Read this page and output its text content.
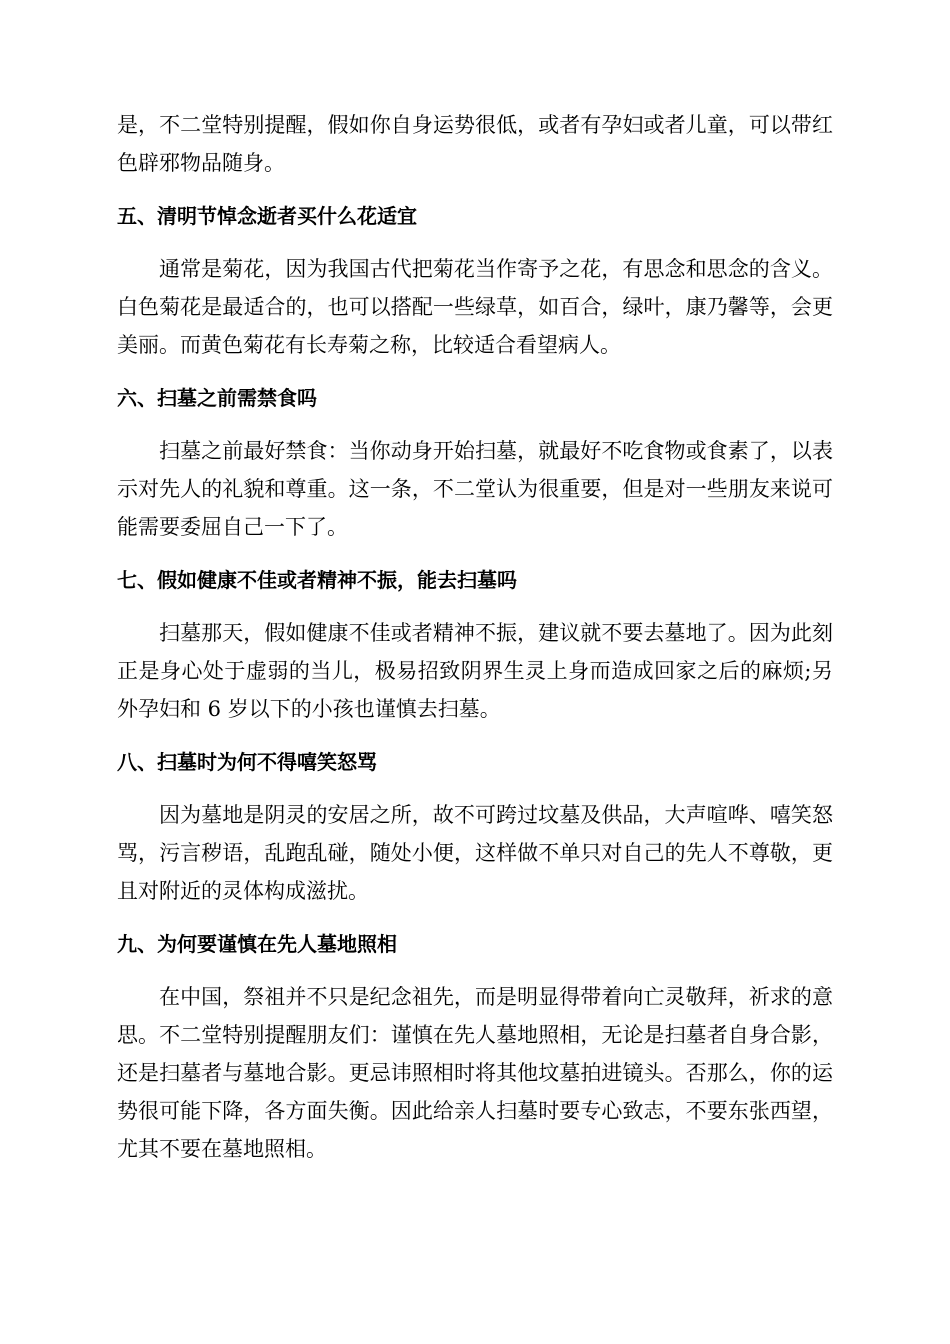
是，不二堂特别提醒，假如你自身运势很低，或者有孕妇或者儿童，可以带红色辟邪物品随身。

五、清明节悼念逝者买什么花适宜

通常是菊花，因为我国古代把菊花当作寄予之花，有思念和思念的含义。白色菊花是最适合的，也可以搭配一些绿草，如百合，绿叶，康乃馨等，会更美丽。而黄色菊花有长寿菊之称，比较适合看望病人。

六、扫墓之前需禁食吗

扫墓之前最好禁食：当你动身开始扫墓，就最好不吃食物或食素了，以表示对先人的礼貌和尊重。这一条，不二堂认为很重要，但是对一些朋友来说可能需要委屈自己一下了。

七、假如健康不佳或者精神不振，能去扫墓吗

扫墓那天，假如健康不佳或者精神不振，建议就不要去墓地了。因为此刻正是身心处于虚弱的当儿，极易招致阴界生灵上身而造成回家之后的麻烦;另外孕妇和 6 岁以下的小孩也谨慎去扫墓。

八、扫墓时为何不得嘻笑怒骂

因为墓地是阴灵的安居之所，故不可跨过坟墓及供品，大声喧哗、嘻笑怒骂，污言秽语，乱跑乱碰，随处小便，这样做不单只对自己的先人不尊敬，更且对附近的灵体构成滋扰。

九、为何要谨慎在先人墓地照相

在中国，祭祖并不只是纪念祖先，而是明显得带着向亡灵敬拜，祈求的意思。不二堂特别提醒朋友们：谨慎在先人墓地照相，无论是扫墓者自身合影，还是扫墓者与墓地合影。更忌讳照相时将其他坟墓拍进镜头。否那么，你的运势很可能下降，各方面失衡。因此给亲人扫墓时要专心致志，不要东张西望，尤其不要在墓地照相。
